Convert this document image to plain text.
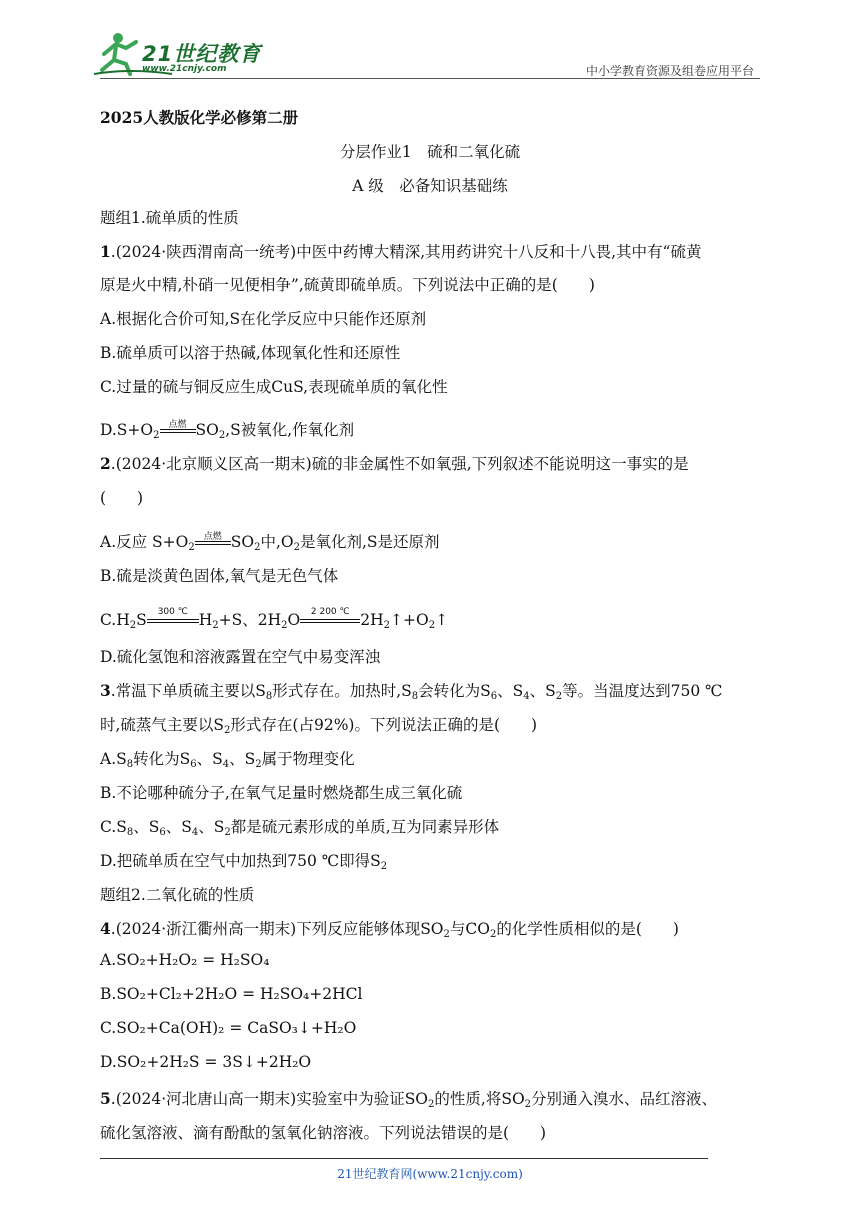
21世纪教育
www.21cnjy.com	中小学教育资源及组卷应用平台
2025人教版化学必修第二册
分层作业1　硫和二氧化硫
A 级　必备知识基础练
题组1.硫单质的性质
1.(2024·陕西渭南高一统考)中医中药博大精深,其用药讲究十八反和十八畏,其中有“硫黄
原是火中精,朴硝一见便相争”,硫黄即硫单质。下列说法中正确的是(　　)
A.根据化合价可知,S在化学反应中只能作还原剂
B.硫单质可以溶于热碱,体现氧化性和还原性
C.过量的硫与铜反应生成CuS,表现硫单质的氧化性
$D.S+O_2$
点燃 $SO_2,S$被氧化,作氧化剂
2.(2024·北京顺义区高一期末)硫的非金属性不如氧强,下列叙述不能说明这一事实的是
(　　)
A.反应 $S+O_2$
点燃 $SO_2$中$,O_2$是氧化剂,S是还原剂
B.硫是淡黄色固体,氧气是无色气体
$C.H_2S$	300 ℃ $H_2+S$、$2H_2O$	2 200 ℃ $2H_2↑+O_2↑$
D.硫化氢饱和溶液露置在空气中易变浑浊
3.常温下单质硫主要以$S_8$形式存在。加热时$,S_8$会转化为$S_6$、$S_4$、$S_2$等。当温度达到750 ℃
时,硫蒸气主要以$S_2$形式存在(占92%)。下列说法正确的是(　　)
$A.S_8$转化为$S_6$、$S_4$、$S_2$属于物理变化
B.不论哪种硫分子,在氧气足量时燃烧都生成三氧化硫
$C.S_8$、$S_6$、$S_4$、$S_2$都是硫元素形成的单质,互为同素异形体
D.把硫单质在空气中加热到750 ℃即得$S_2$
题组2.二氧化硫的性质
4.(2024·浙江衢州高一期末)下列反应能够体现$SO_2$与$CO_2$的化学性质相似的是(　　)
A.SO₂+H₂O₂ = H₂SO₄
B.SO₂+Cl₂+2H₂O = H₂SO₄+2HCl
C.SO₂+Ca(OH)₂ = CaSO₃↓+H₂O
D.SO₂+2H₂S = 3S↓+2H₂O
5.(2024·河北唐山高一期末)实验室中为验证$SO_2$的性质,将$SO_2$分别通入溴水、品红溶液、
硫化氢溶液、滴有酚酞的氢氧化钠溶液。下列说法错误的是(　　)
21世纪教育网(www.21cnjy.com)
